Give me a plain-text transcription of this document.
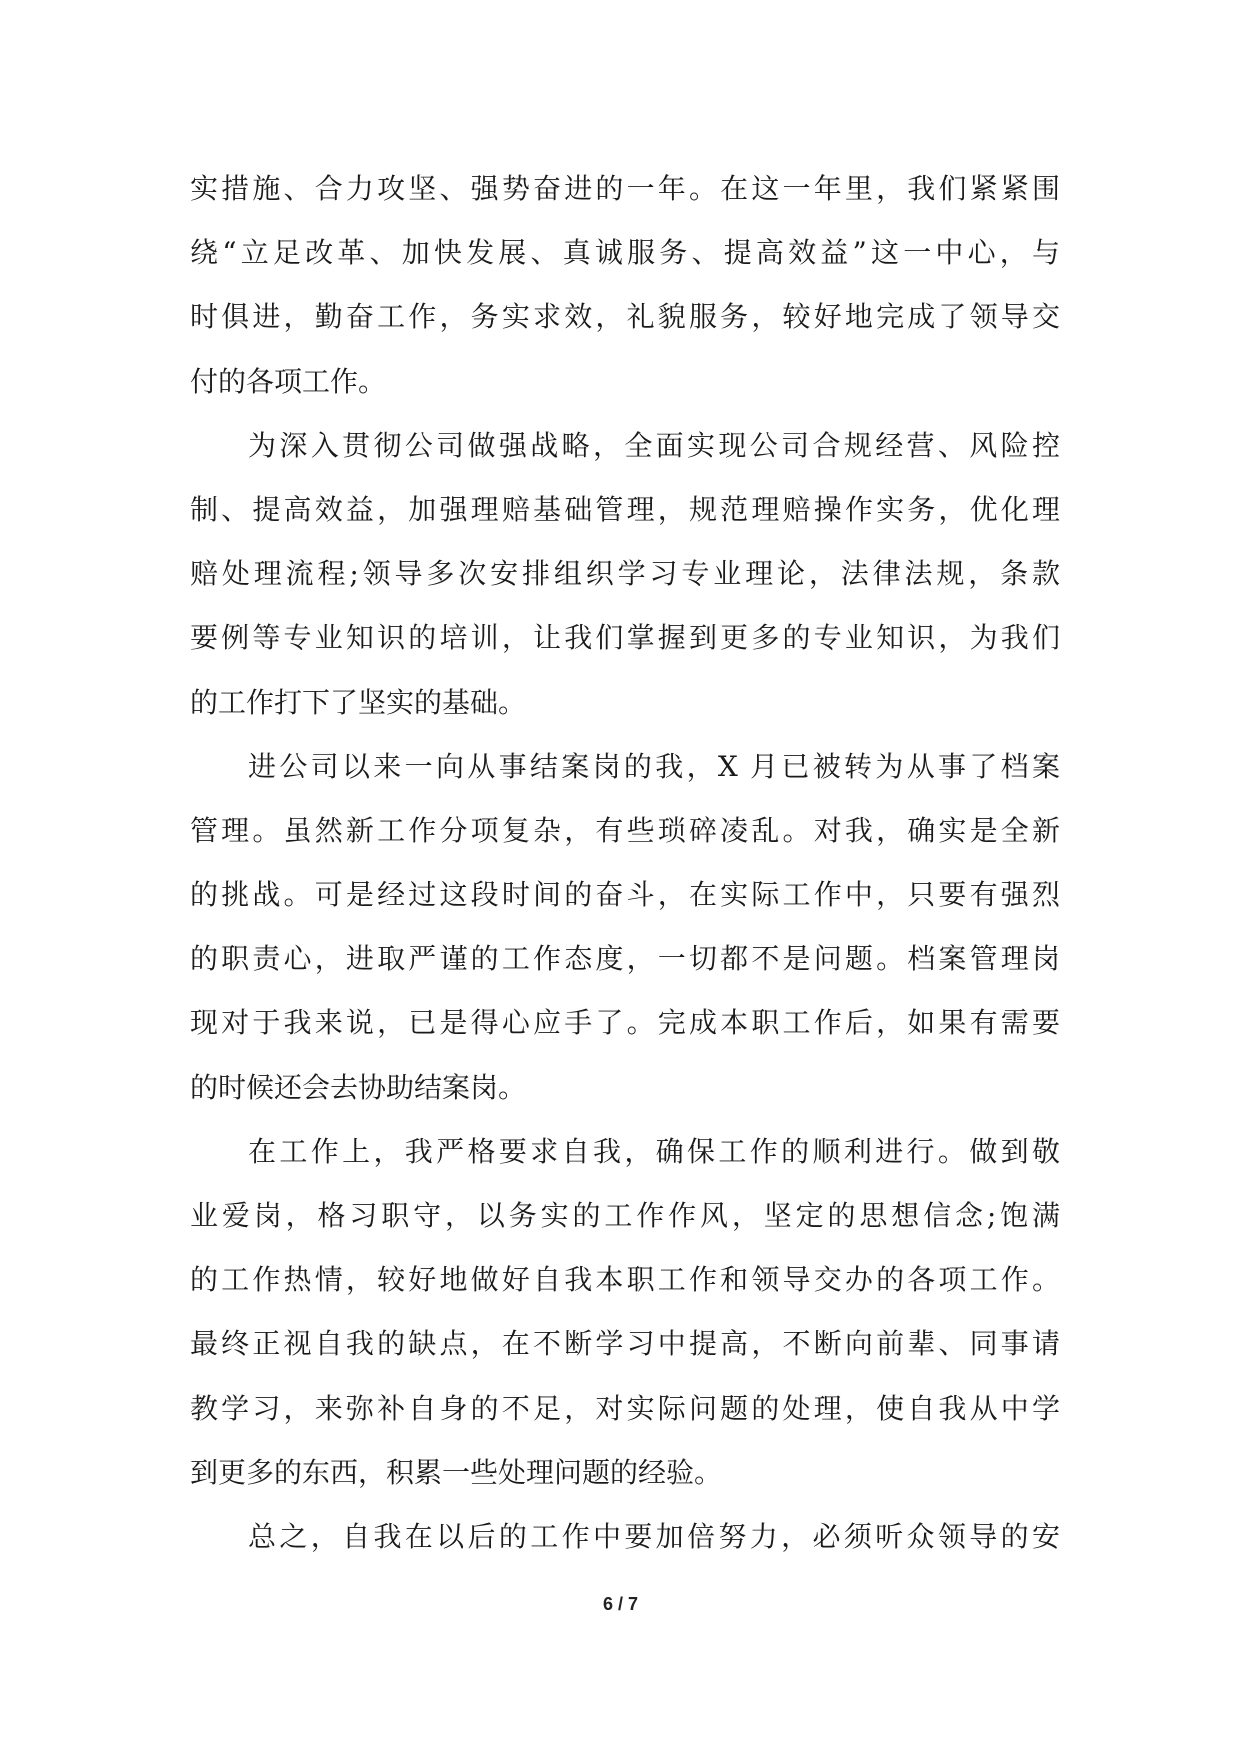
实措施、合力攻坚、强势奋进的一年。在这一年里，我们紧紧围
绕“立足改革、加快发展、真诚服务、提高效益”这一中心，与
时俱进，勤奋工作，务实求效，礼貌服务，较好地完成了领导交
付的各项工作。
为深入贯彻公司做强战略，全面实现公司合规经营、风险控
制、提高效益，加强理赔基础管理，规范理赔操作实务，优化理
赔处理流程;领导多次安排组织学习专业理论，法律法规，条款
要例等专业知识的培训，让我们掌握到更多的专业知识，为我们
的工作打下了坚实的基础。
进公司以来一向从事结案岗的我，X 月已被转为从事了档案
管理。虽然新工作分项复杂，有些琐碎凌乱。对我，确实是全新
的挑战。可是经过这段时间的奋斗，在实际工作中，只要有强烈
的职责心，进取严谨的工作态度，一切都不是问题。档案管理岗
现对于我来说，已是得心应手了。完成本职工作后，如果有需要
的时候还会去协助结案岗。
在工作上，我严格要求自我，确保工作的顺利进行。做到敬
业爱岗，格习职守，以务实的工作作风，坚定的思想信念;饱满
的工作热情，较好地做好自我本职工作和领导交办的各项工作。
最终正视自我的缺点，在不断学习中提高，不断向前辈、同事请
教学习，来弥补自身的不足，对实际问题的处理，使自我从中学
到更多的东西，积累一些处理问题的经验。
总之，自我在以后的工作中要加倍努力，必须听众领导的安
6 / 7
